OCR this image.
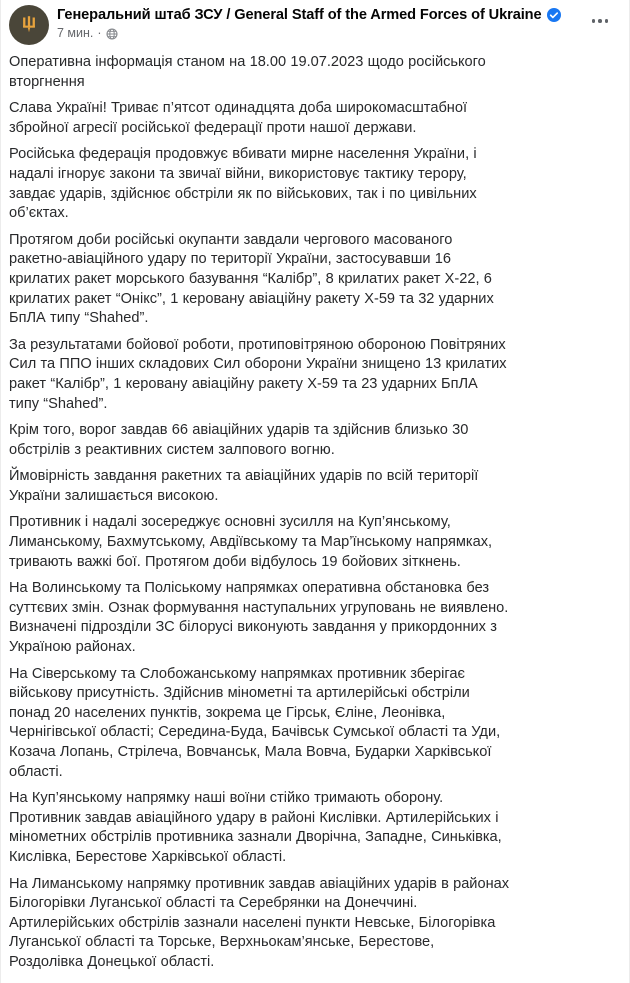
Генеральний штаб ЗСУ / General Staff of the Armed Forces of Ukraine
7 мин. ·

Оперативна інформація станом на 18.00 19.07.2023 щодо російського вторгнення

Слава Україні! Триває п’ятсот одинадцята доба широкомасштабної збройної агресії російської федерації проти нашої держави.

Російська федерація продовжує вбивати мирне населення України, і надалі ігнорує закони та звичаї війни, використовує тактику терору, завдає ударів, здійснює обстріли як по військових, так і по цивільних об’єктах.

Протягом доби російські окупанти завдали чергового масованого ракетно-авіаційного удару по території України, застосувавши 16 крилатих ракет морського базування “Калібр”, 8 крилатих ракет Х-22, 6 крилатих ракет “Онікс”, 1 керовану авіаційну ракету Х-59 та 32 ударних БпЛА типу “Shahed”.

За результатами бойової роботи, протиповітряною обороною Повітряних Сил та ППО інших складових Сил оборони України знищено 13 крилатих ракет “Калібр”, 1 керовану авіаційну ракету Х-59 та 23 ударних БпЛА типу “Shahed”.

Крім того, ворог завдав 66 авіаційних ударів та здійснив близько 30 обстрілів з реактивних систем залпового вогню.

Ймовірність завдання ракетних та авіаційних ударів по всій території України залишається високою.

Противник і надалі зосереджує основні зусилля на Куп’янському, Лиманському, Бахмутському, Авдіївському та Мар’їнському напрямках, тривають важкі бої. Протягом доби відбулось 19 бойових зіткнень.

На Волинському та Поліському напрямках оперативна обстановка без суттєвих змін. Ознак формування наступальних угруповань не виявлено. Визначені підрозділи ЗС білорусі виконують завдання у прикордонних з Україною районах.

На Сіверському та Слобожанському напрямках противник зберігає військову присутність. Здійснив мінометні та артилерійські обстріли понад 20 населених пунктів, зокрема це Гірськ, Єліне, Леонівка, Чернігівської області; Середина-Буда, Бачівськ Сумської області та Уди, Козача Лопань, Стрілеча, Вовчанськ, Мала Вовча, Бударки Харківської області.

На Куп’янському напрямку наші воїни стійко тримають оборону. Противник завдав авіаційного удару в районі Кислівки. Артилерійських і мінометних обстрілів противника зазнали Дворічна, Западне, Синьківка, Кислівка, Берестове Харківської області.

На Лиманському напрямку противник завдав авіаційних ударів в районах Білогорівки Луганської області та Серебрянки на Донеччині. Артилерійських обстрілів зазнали населені пункти Невське, Білогорівка Луганської області та Торське, Верхньокам’янське, Берестове, Роздолівка Донецької області.
